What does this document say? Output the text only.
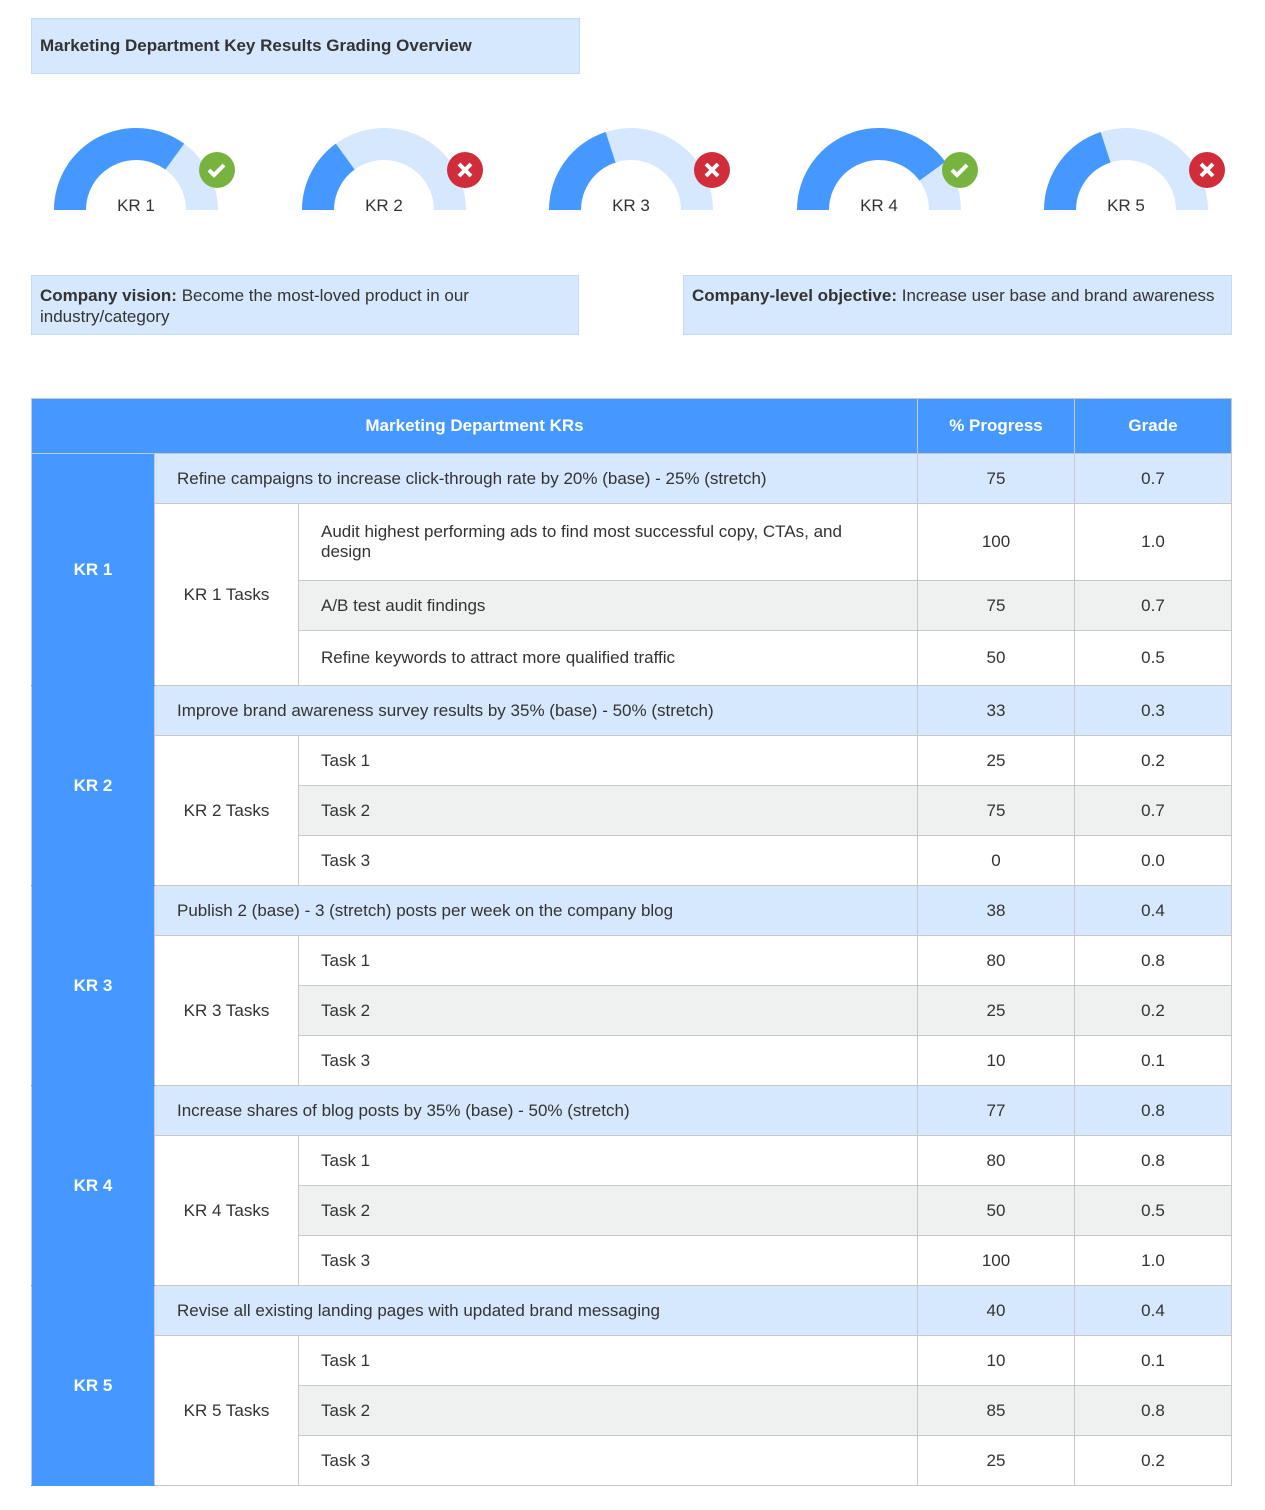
Marketing Department Key Results Grading Overview
KR 1	KR 2	KR 3	KR 4	KR 5
Company vision: Become the most-loved product in our industry/category
Company-level objective: Increase user base and brand awareness
Marketing Department KRs			% Progress	Grade
KR 1	Refine campaigns to increase click-through rate by 20% (base) - 25% (stretch)		75	0.7
	KR 1 Tasks	Audit highest performing ads to find most successful copy, CTAs, and design	100	1.0
		A/B test audit findings	75	0.7
		Refine keywords to attract more qualified traffic	50	0.5
KR 2	Improve brand awareness survey results by 35% (base) - 50% (stretch)		33	0.3
	KR 2 Tasks	Task 1	25	0.2
		Task 2	75	0.7
		Task 3	0	0.0
KR 3	Publish 2 (base) - 3 (stretch) posts per week on the company blog		38	0.4
	KR 3 Tasks	Task 1	80	0.8
		Task 2	25	0.2
		Task 3	10	0.1
KR 4	Increase shares of blog posts by 35% (base) - 50% (stretch)		77	0.8
	KR 4 Tasks	Task 1	80	0.8
		Task 2	50	0.5
		Task 3	100	1.0
KR 5	Revise all existing landing pages with updated brand messaging		40	0.4
	KR 5 Tasks	Task 1	10	0.1
		Task 2	85	0.8
		Task 3	25	0.2
